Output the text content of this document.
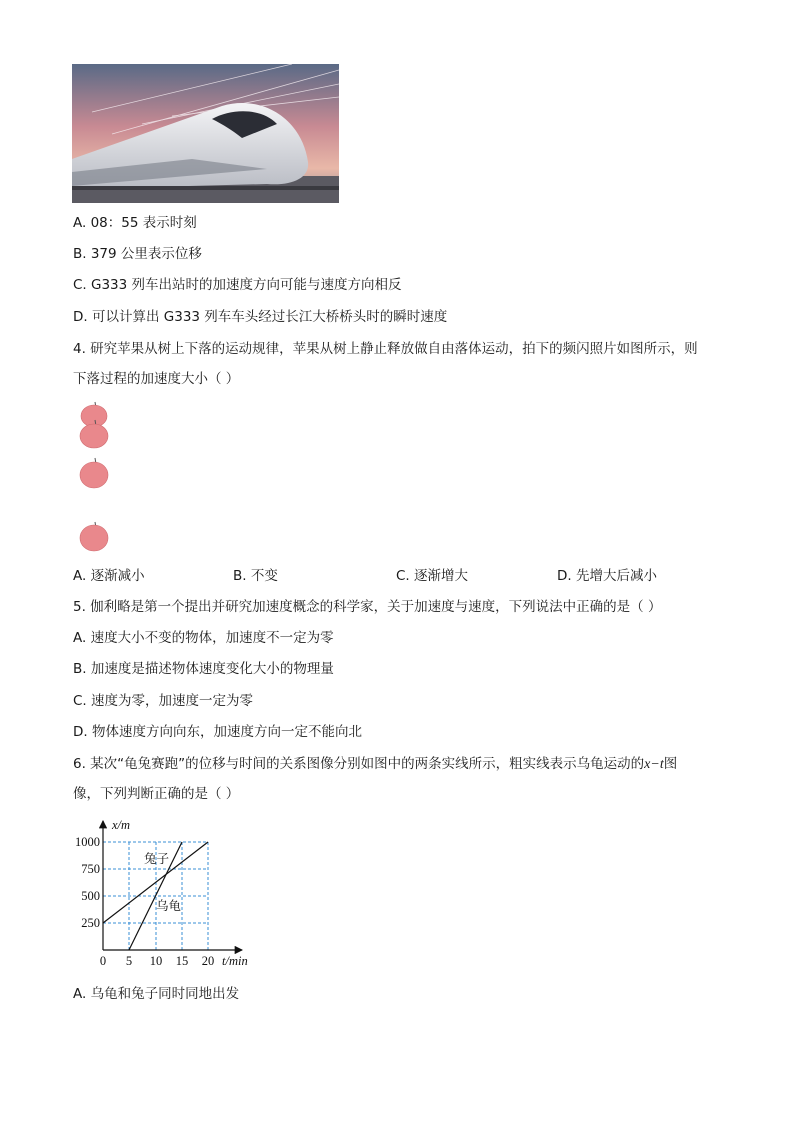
A. 08：55 表示时刻
B. 379 公里表示位移
C. G333 列车出站时的加速度方向可能与速度方向相反
D. 可以计算出 G333 列车车头经过长江大桥桥头时的瞬时速度
4. 研究苹果从树上下落的运动规律，苹果从树上静止释放做自由落体运动，拍下的频闪照片如图所示，则
下落过程的加速度大小（ ）
A. 逐渐减小	B. 不变	C. 逐渐增大	D. 先增大后减小
5. 伽利略是第一个提出并研究加速度概念的科学家，关于加速度与速度，下列说法中正确的是（ ）
A. 速度大小不变的物体，加速度不一定为零
B. 加速度是描述物体速度变化大小的物理量
C. 速度为零，加速度一定为零
D. 物体速度方向向东，加速度方向一定不能向北
6. 某次“龟兔赛跑”的位移与时间的关系图像分别如图中的两条实线所示，粗实线表示乌龟运动的x−t图
像，下列判断正确的是（ ）
x/m
t/min
1000
750
500
250
0 5 10 15 20
兔子
乌龟
A. 乌龟和兔子同时同地出发
